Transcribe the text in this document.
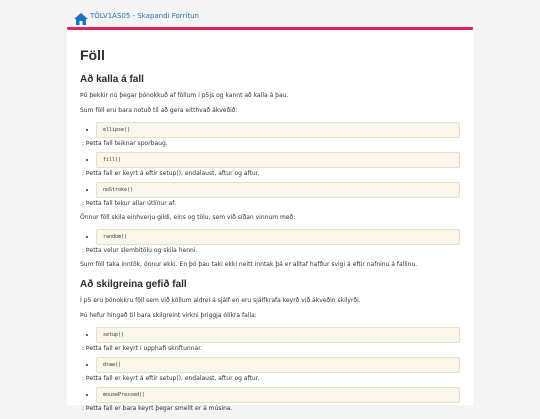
TÖLV1AS05 - Skapandi Forritun
Föll
Að kalla á fall

Þú þekkir nú þegar þónokkuð af föllum í p5js og kannt að kalla á þau.

Sum föll eru bara notuð til að gera eitthvað ákveðið:

• ellipse()
: Þetta fall teiknar sporbaug.
• fill()
: Þetta fall er keyrt á eftir setup(), endalaust, aftur og aftur.
• noStroke()
: Þetta fall tekur allar útlínur af.

Önnur föll skila einhverju gildi, eins og tölu, sem við síðan vinnum með:

• random()
: Þetta velur slembitölu og skila henni.

Sum föll taka inntök, önnur ekki. En þó þau taki ekki neitt inntak þá er alltaf hafður svigi á eftir nafninu á fallinu.

Að skilgreina gefið fall

Í p5 eru þónokkru föll sem við köllum aldrei á sjálf en eru sjálfkrafa keyrð við ákveðin skilyrði.

Þú hefur hingað til bara skilgreint virkni þriggja ólíkra falla:

• setup()
: Þetta fall er keyrt í upphafi skriftunnar.
• draw()
: Þetta fall er keyrt á eftir setup(), endalaust, aftur og aftur.
• mousePressed()
: Þetta fall er bara keyrt þegar smellt er á músina.
